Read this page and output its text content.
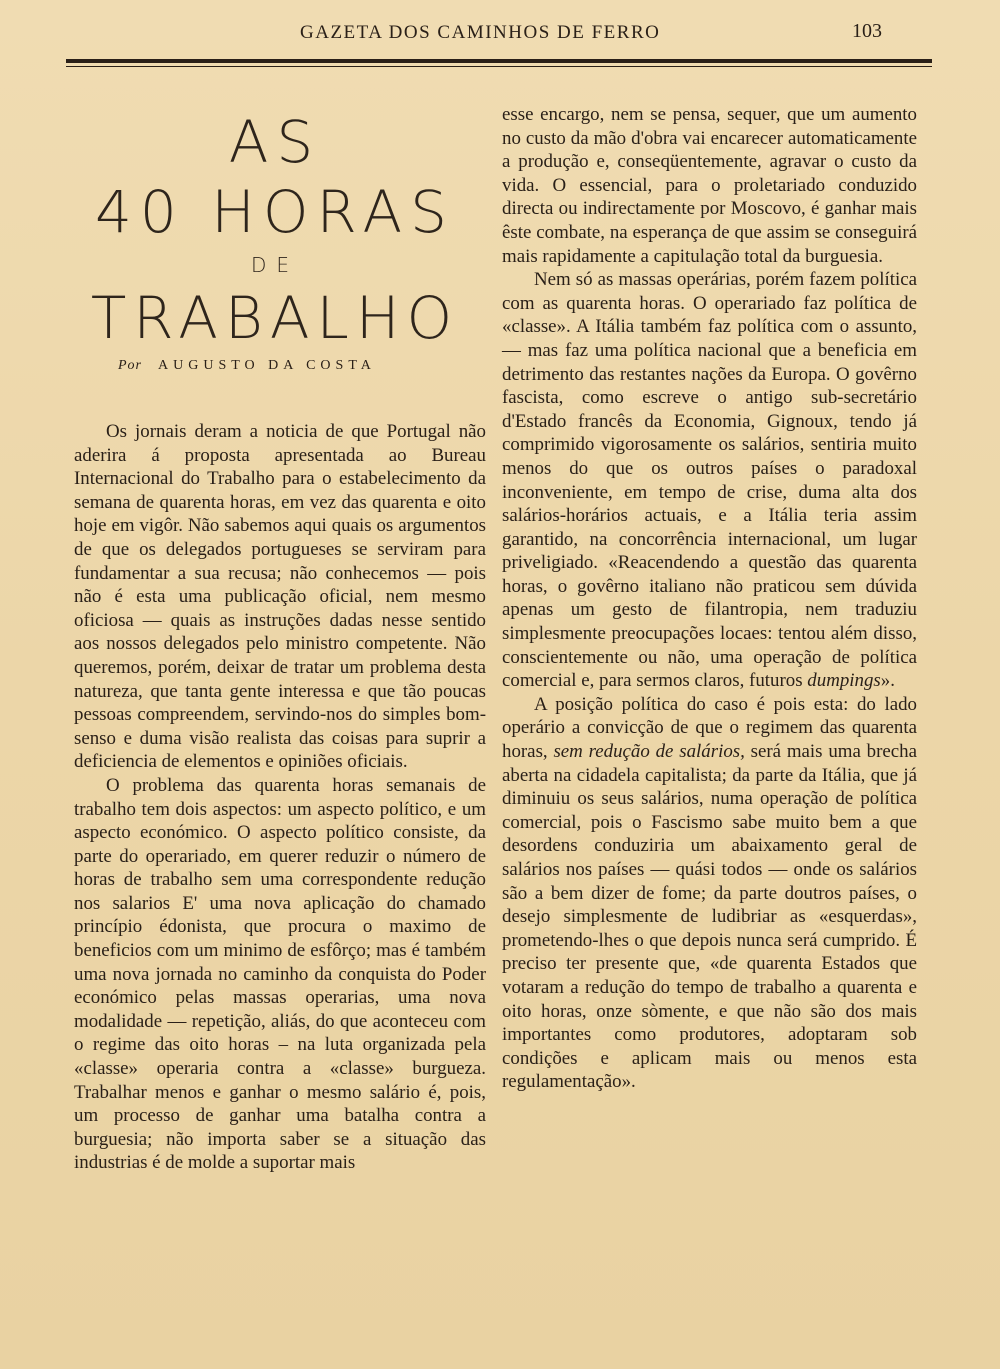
GAZETA DOS CAMINHOS DE FERRO	103
AS
40 HORAS
DE
TRABALHO
Por AUGUSTO DA COSTA

Os jornais deram a noticia de que Portugal não aderira á proposta apresentada ao Bureau Internacional do Trabalho para o estabelecimento da semana de quarenta horas, em vez das quarenta e oito hoje em vigôr. Não sabemos aqui quais os argumentos de que os delegados portugueses se serviram para fundamentar a sua recusa; não conhecemos — pois não é esta uma publicação oficial, nem mesmo oficiosa — quais as instruções dadas nesse sentido aos nossos delegados pelo ministro competente. Não queremos, porém, deixar de tratar um problema desta natureza, que tanta gente interessa e que tão poucas pessoas compreendem, servindo-nos do simples bom-senso e duma visão realista das coisas para suprir a deficiencia de elementos e opiniões oficiais.

O problema das quarenta horas semanais de trabalho tem dois aspectos: um aspecto político, e um aspecto económico. O aspecto político consiste, da parte do operariado, em querer reduzir o número de horas de trabalho sem uma correspondente redução nos salarios E' uma nova aplicação do chamado princípio édonista, que procura o maximo de beneficios com um minimo de esfôrço; mas é também uma nova jornada no caminho da conquista do Poder económico pelas massas operarias, uma nova modalidade — repetição, aliás, do que aconteceu com o regime das oito horas – na luta organizada pela «classe» operaria contra a «classe» burgueza. Trabalhar menos e ganhar o mesmo salário é, pois, um processo de ganhar uma batalha contra a burguesia; não importa saber se a situação das industrias é de molde a suportar mais

esse encargo, nem se pensa, sequer, que um aumento no custo da mão d'obra vai encarecer automaticamente a produção e, conseqüentemente, agravar o custo da vida. O essencial, para o proletariado conduzido directa ou indirectamente por Moscovo, é ganhar mais êste combate, na esperança de que assim se conseguirá mais rapidamente a capitulação total da burguesia.

Nem só as massas operárias, porém fazem política com as quarenta horas. O operariado faz política de «classe». A Itália também faz política com o assunto, — mas faz uma política nacional que a beneficia em detrimento das restantes nações da Europa. O govêrno fascista, como escreve o antigo sub-secretário d'Estado francês da Economia, Gignoux, tendo já comprimido vigorosamente os salários, sentiria muito menos do que os outros países o paradoxal inconveniente, em tempo de crise, duma alta dos salários-horários actuais, e a Itália teria assim garantido, na concorrência internacional, um lugar priveligiado. «Reacendendo a questão das quarenta horas, o govêrno italiano não praticou sem dúvida apenas um gesto de filantropia, nem traduziu simplesmente preocupações locaes: tentou além disso, conscientemente ou não, uma operação de política comercial e, para sermos claros, futuros dumpings».

A posição política do caso é pois esta: do lado operário a convicção de que o regimem das quarenta horas, sem redução de salários, será mais uma brecha aberta na cidadela capitalista; da parte da Itália, que já diminuiu os seus salários, numa operação de política comercial, pois o Fascismo sabe muito bem a que desordens conduziria um abaixamento geral de salários nos países — quási todos — onde os salários são a bem dizer de fome; da parte doutros países, o desejo simplesmente de ludibriar as «esquerdas», prometendo-lhes o que depois nunca será cumprido. É preciso ter presente que, «de quarenta Estados que votaram a redução do tempo de trabalho a quarenta e oito horas, onze sòmente, e que não são dos mais importantes como produtores, adoptaram sob condições e aplicam mais ou menos esta regulamentação».
